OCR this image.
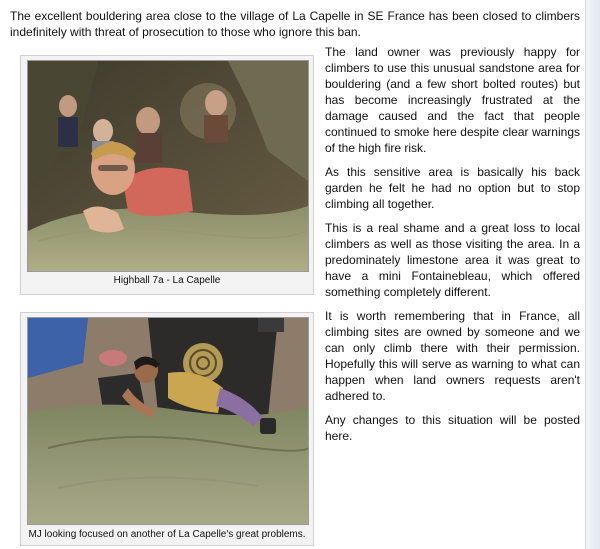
The excellent bouldering area close to the village of La Capelle in SE France has been closed to climbers indefinitely with threat of prosecution to those who ignore this ban.

Highball 7a - La Capelle
MJ looking focused on another of La Capelle's great problems.

The land owner was previously happy for climbers to use this unusual sandstone area for bouldering (and a few short bolted routes) but has become increasingly frustrated at the damage caused and the fact that people continued to smoke here despite clear warnings of the high fire risk.

As this sensitive area is basically his back garden he felt he had no option but to stop climbing all together.

This is a real shame and a great loss to local climbers as well as those visiting the area. In a predominately limestone area it was great to have a mini Fontainebleau, which offered something completely different.

It is worth remembering that in France, all climbing sites are owned by someone and we can only climb there with their permission. Hopefully this will serve as warning to what can happen when land owners requests aren't adhered to.

Any changes to this situation will be posted here.
